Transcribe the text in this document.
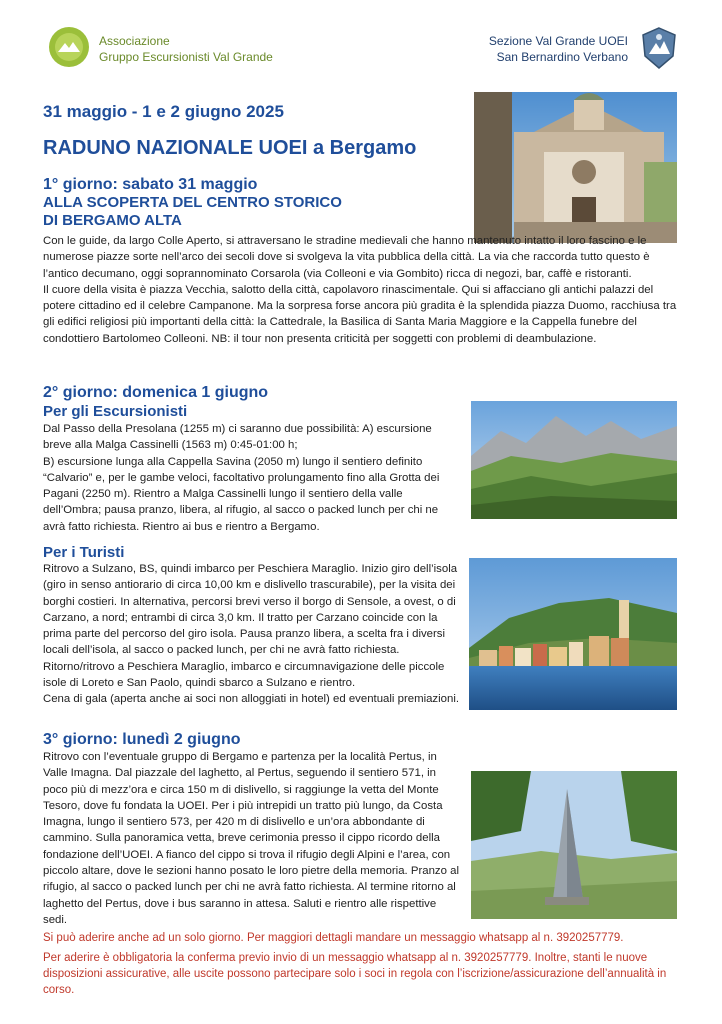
Associazione
Gruppo Escursionisti Val Grande
Sezione Val Grande UOEI
San Bernardino Verbano
31 maggio - 1 e 2 giugno 2025
RADUNO NAZIONALE UOEI a Bergamo
1° giorno: sabato 31 maggio
ALLA SCOPERTA DEL CENTRO STORICO
DI BERGAMO ALTA

Con le guide, da largo Colle Aperto, si attraversano le stradine medievali che hanno mantenuto intatto il loro fascino e le numerose piazze sorte nell’arco dei secoli dove si svolgeva la vita pubblica della città. La via che raccorda tutto questo è l’antico decumano, oggi soprannominato Corsarola (via Colleoni e via Gombito) ricca di negozi, bar, caffè e ristoranti.

Il cuore della visita è piazza Vecchia, salotto della città, capolavoro rinascimentale. Qui si affacciano gli antichi palazzi del potere cittadino ed il celebre Campanone. Ma la sorpresa forse ancora più gradita è la splendida piazza Duomo, racchiusa tra gli edifici religiosi più importanti della città: la Cattedrale, la Basilica di Santa Maria Maggiore e la Cappella funebre del condottiero Bartolomeo Colleoni. NB: il tour non presenta criticità per soggetti con problemi di deambulazione.

2° giorno: domenica 1 giugno
Per gli Escursionisti

Dal Passo della Presolana (1255 m) ci saranno due possibilità: A) escursione breve alla Malga Cassinelli (1563 m) 0:45-01:00 h;

B) escursione lunga alla Cappella Savina (2050 m) lungo il sentiero definito “Calvario” e, per le gambe veloci, facoltativo prolungamento fino alla Grotta dei Pagani (2250 m). Rientro a Malga Cassinelli lungo il sentiero della valle dell’Ombra; pausa pranzo, libera, al rifugio, al sacco o packed lunch per chi ne avrà fatto richiesta. Rientro ai bus e rientro a Bergamo.

Per i Turisti

Ritrovo a Sulzano, BS, quindi imbarco per Peschiera Maraglio. Inizio giro dell’isola (giro in senso antiorario di circa 10,00 km e dislivello trascurabile), per la visita dei borghi costieri. In alternativa, percorsi brevi verso il borgo di Sensole, a ovest, o di Carzano, a nord; entrambi di circa 3,0 km. Il tratto per Carzano coincide con la prima parte del percorso del giro isola. Pausa pranzo libera, a scelta fra i diversi locali dell’isola, al sacco o packed lunch, per chi ne avrà fatto richiesta. Ritorno/ritrovo a Peschiera Maraglio, imbarco e circumnavigazione delle piccole isole di Loreto e San Paolo, quindi sbarco a Sulzano e rientro.

Cena di gala (aperta anche ai soci non alloggiati in hotel) ed eventuali premiazioni.

3° giorno: lunedì 2 giugno

Ritrovo con l’eventuale gruppo di Bergamo e partenza per la località Pertus, in Valle Imagna. Dal piazzale del laghetto, al Pertus, seguendo il sentiero 571, in poco più di mezz’ora e circa 150 m di dislivello, si raggiunge la vetta del Monte Tesoro, dove fu fondata la UOEI. Per i più intrepidi un tratto più lungo, da Costa Imagna, lungo il sentiero 573, per 420 m di dislivello e un’ora abbondante di cammino. Sulla panoramica vetta, breve cerimonia presso il cippo ricordo della fondazione dell’UOEI. A fianco del cippo si trova il rifugio degli Alpini e l’area, con piccolo altare, dove le sezioni hanno posato le loro pietre della memoria. Pranzo al rifugio, al sacco o packed lunch per chi ne avrà fatto richiesta. Al termine ritorno al laghetto del Pertus, dove i bus saranno in attesa. Saluti e rientro alle rispettive sedi.

Si può aderire anche ad un solo giorno. Per maggiori dettagli mandare un messaggio whatsapp al n. 3920257779.
Per aderire è obbligatoria la conferma previo invio di un messaggio whatsapp al n. 3920257779. Inoltre, stanti le nuove disposizioni assicurative, alle uscite possono partecipare solo i soci in regola con l’iscrizione/assicurazione dell’annualità in corso.
